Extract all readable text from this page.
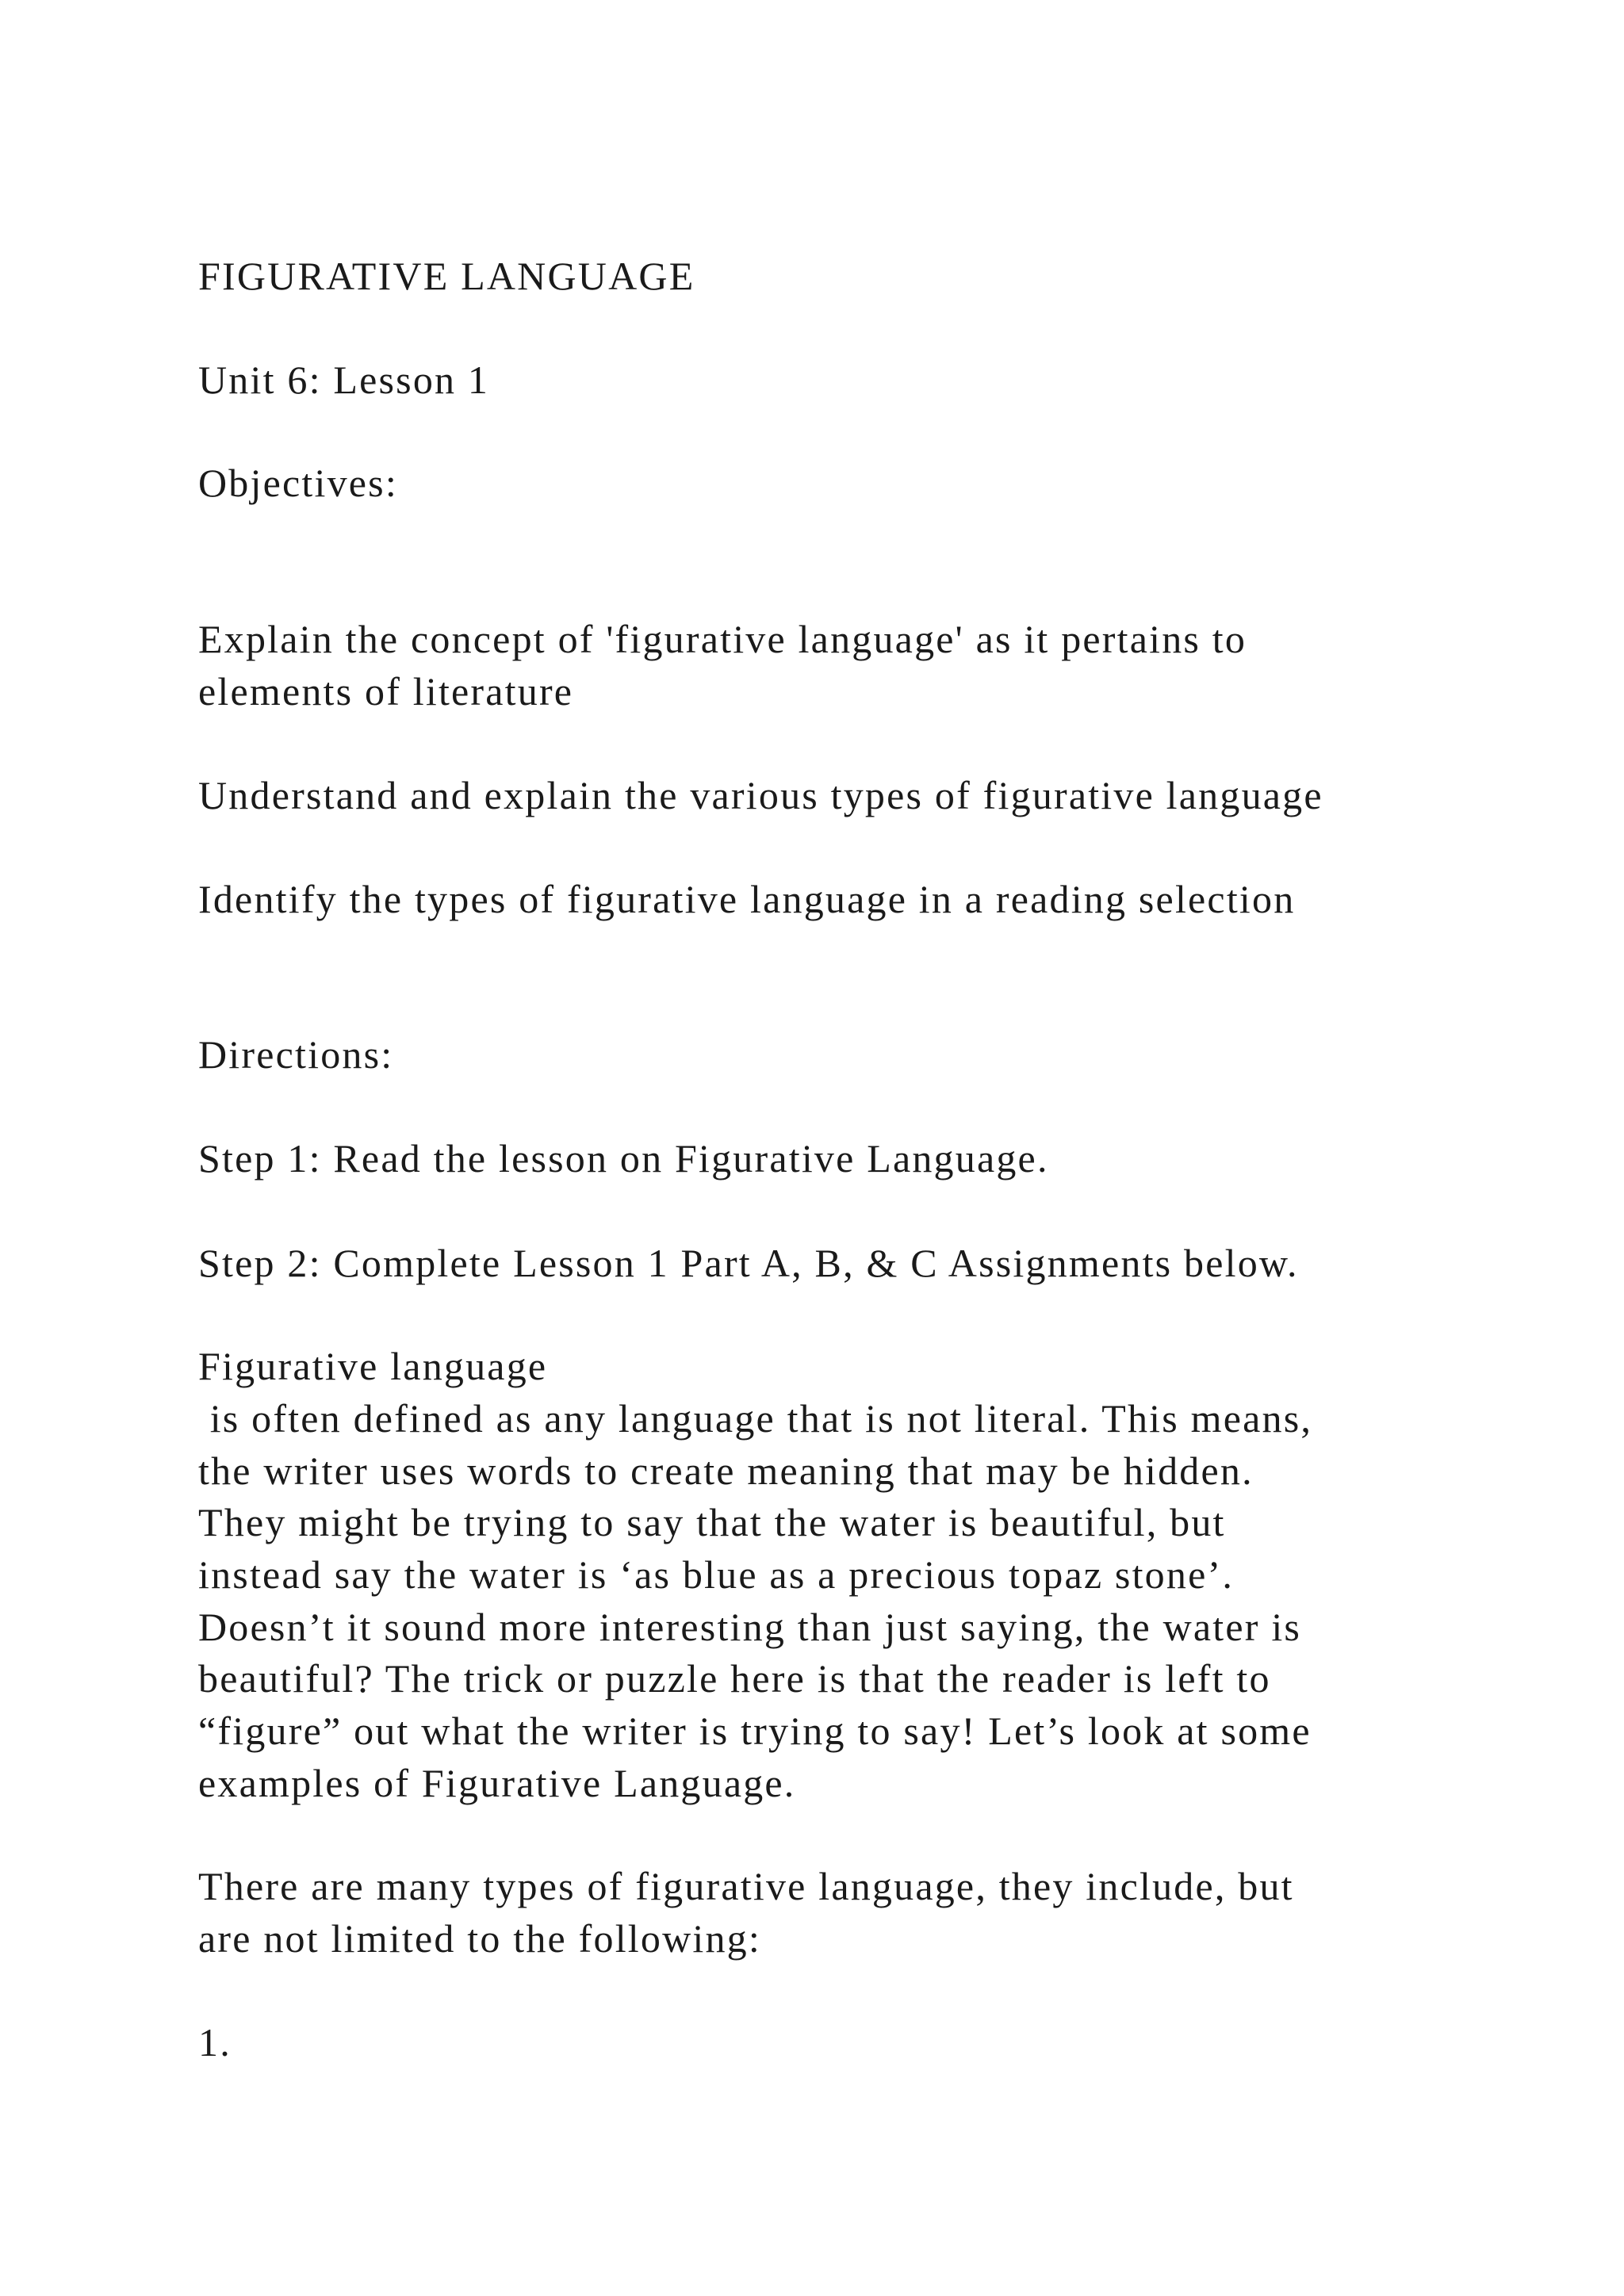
FIGURATIVE LANGUAGE

Unit 6: Lesson 1

Objectives:

Explain the concept of 'figurative language' as it pertains to

elements of literature

Understand and explain the various types of figurative language

Identify the types of figurative language in a reading selection

Directions:

Step 1: Read the lesson on Figurative Language.

Step 2: Complete Lesson 1 Part A, B, & C Assignments below.

Figurative language

is often defined as any language that is not literal. This means,

the writer uses words to create meaning that may be hidden.

They might be trying to say that the water is beautiful, but

instead say the water is ‘as blue as a precious topaz stone’.

Doesn’t it sound more interesting than just saying, the water is

beautiful? The trick or puzzle here is that the reader is left to

“figure” out what the writer is trying to say! Let’s look at some

examples of Figurative Language.

There are many types of figurative language, they include, but

are not limited to the following:

1.
